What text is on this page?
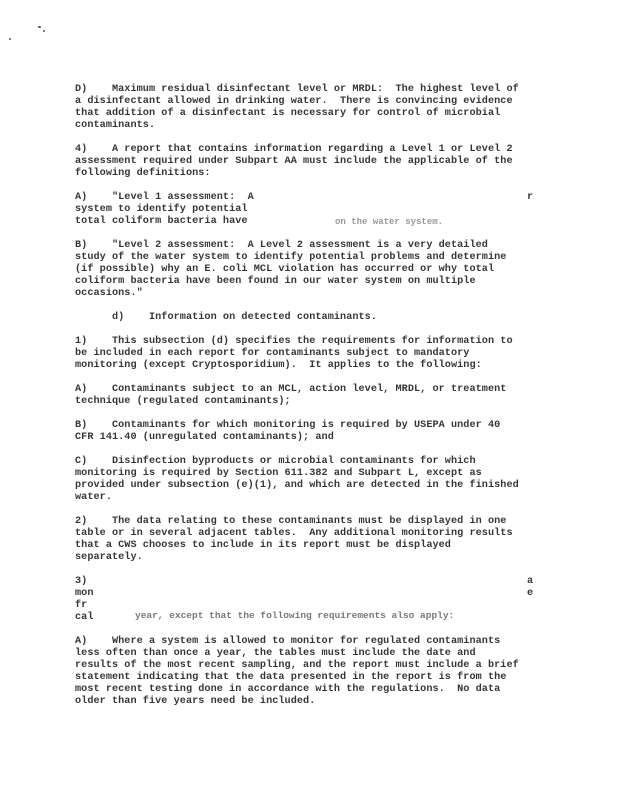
D)    Maximum residual disinfectant level or MRDL:  The highest level of
a disinfectant allowed in drinking water.  There is convincing evidence
that addition of a disinfectant is necessary for control of microbial
contaminants.
4)    A report that contains information regarding a Level 1 or Level 2
assessment required under Subpart AA must include the applicable of the
following definitions:
A)    "Level 1 assessment:  A
system to identify potential
total coliform bacteria have
B)    "Level 2 assessment:  A Level 2 assessment is a very detailed
study of the water system to identify potential problems and determine
(if possible) why an E. coli MCL violation has occurred or why total
coliform bacteria have been found in our water system on multiple
occasions."
d)    Information on detected contaminants.
1)    This subsection (d) specifies the requirements for information to
be included in each report for contaminants subject to mandatory
monitoring (except Cryptosporidium).  It applies to the following:
A)    Contaminants subject to an MCL, action level, MRDL, or treatment
technique (regulated contaminants);
B)    Contaminants for which monitoring is required by USEPA under 40
CFR 141.40 (unregulated contaminants); and
C)    Disinfection byproducts or microbial contaminants for which
monitoring is required by Section 611.382 and Subpart L, except as
provided under subsection (e)(1), and which are detected in the finished
water.
2)    The data relating to these contaminants must be displayed in one
table or in several adjacent tables.  Any additional monitoring results
that a CWS chooses to include in its report must be displayed
separately.
3)
mon
fr
cal
A)    Where a system is allowed to monitor for regulated contaminants
less often than once a year, the tables must include the date and
results of the most recent sampling, and the report must include a brief
statement indicating that the data presented in the report is from the
most recent testing done in accordance with the regulations.  No data
older than five years need be included.
on the water system.
r
a
e
year, except that the following requirements also apply:
